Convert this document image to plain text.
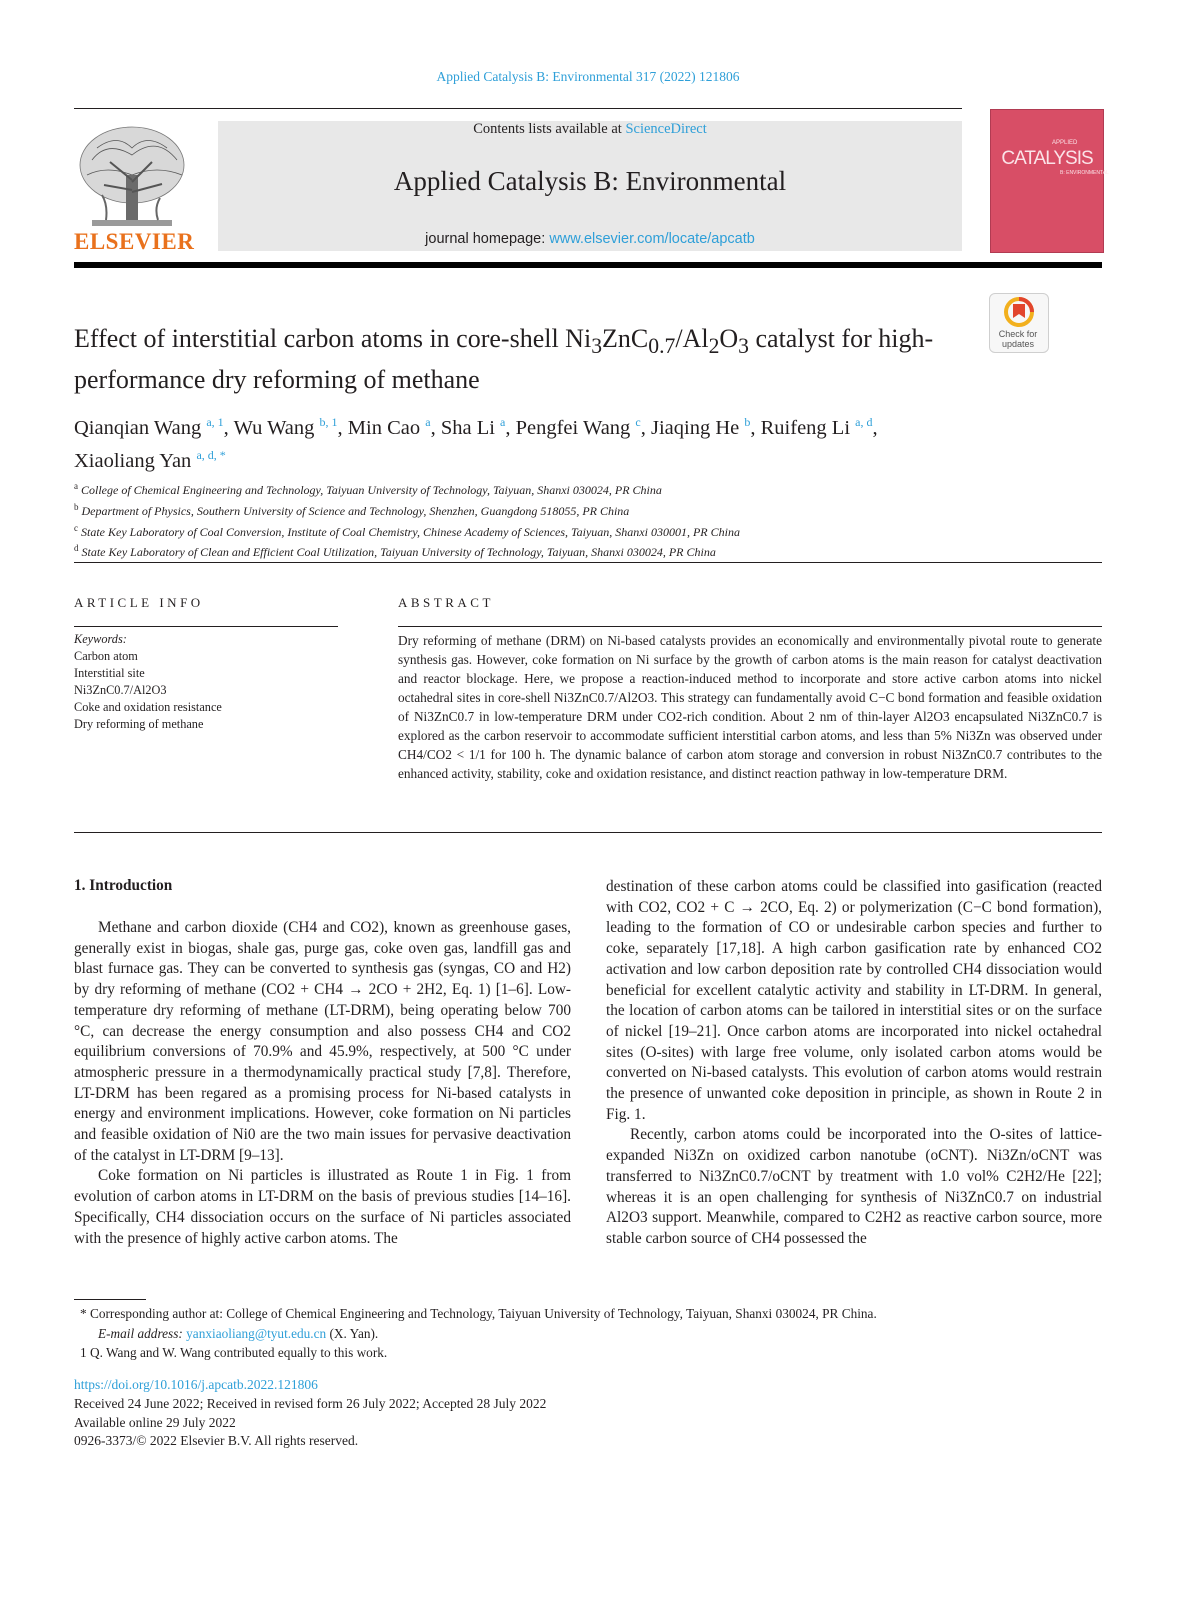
Applied Catalysis B: Environmental 317 (2022) 121806
ELSEVIER
Contents lists available at ScienceDirect
Applied Catalysis B: Environmental
journal homepage: www.elsevier.com/locate/apcatb
APPLIED
CATALYSIS
B: ENVIRONMENTAL
Effect of interstitial carbon atoms in core-shell $Ni_3ZnC_{0.7}/Al_2O_3$ catalyst for high-performance dry reforming of methane
Check for
updates
Qianqian Wang $^{a, 1}$, Wu Wang $^{b, 1}$, Min Cao $^a$, Sha Li $^a$, Pengfei Wang $^c$, Jiaqing He $^b$, Ruifeng Li $^{a, d}$,
Xiaoliang Yan $^{a, d, *}$
$^a$ College of Chemical Engineering and Technology, Taiyuan University of Technology, Taiyuan, Shanxi 030024, PR China
$^b$ Department of Physics, Southern University of Science and Technology, Shenzhen, Guangdong 518055, PR China
$^c$ State Key Laboratory of Coal Conversion, Institute of Coal Chemistry, Chinese Academy of Sciences, Taiyuan, Shanxi 030001, PR China
$^d$ State Key Laboratory of Clean and Efficient Coal Utilization, Taiyuan University of Technology, Taiyuan, Shanxi 030024, PR China
ARTICLE INFO	ABSTRACT
Keywords:
Carbon atom
Interstitial site
Ni3ZnC0.7/Al2O3
Coke and oxidation resistance
Dry reforming of methane
Dry reforming of methane (DRM) on Ni-based catalysts provides an economically and environmentally pivotal route to generate synthesis gas. However, coke formation on Ni surface by the growth of carbon atoms is the main reason for catalyst deactivation and reactor blockage. Here, we propose a reaction-induced method to incorporate and store active carbon atoms into nickel octahedral sites in core-shell Ni3ZnC0.7/Al2O3. This strategy can fundamentally avoid C−C bond formation and feasible oxidation of Ni3ZnC0.7 in low-temperature DRM under CO2-rich condition. About 2 nm of thin-layer Al2O3 encapsulated Ni3ZnC0.7 is explored as the carbon reservoir to accommodate sufficient interstitial carbon atoms, and less than 5% Ni3Zn was observed under CH4/CO2 < 1/1 for 100 h. The dynamic balance of carbon atom storage and conversion in robust Ni3ZnC0.7 contributes to the enhanced activity, stability, coke and oxidation resistance, and distinct reaction pathway in low-temperature DRM.
1. Introduction

Methane and carbon dioxide (CH4 and CO2), known as greenhouse gases, generally exist in biogas, shale gas, purge gas, coke oven gas, landfill gas and blast furnace gas. They can be converted to synthesis gas (syngas, CO and H2) by dry reforming of methane (CO2 + CH4 → 2CO + 2H2, Eq. 1) [1–6]. Low-temperature dry reforming of methane (LT-DRM), being operating below 700 °C, can decrease the energy consumption and also possess CH4 and CO2 equilibrium conversions of 70.9% and 45.9%, respectively, at 500 °C under atmospheric pressure in a thermodynamically practical study [7,8]. Therefore, LT-DRM has been regared as a promising process for Ni-based catalysts in energy and environment implications. However, coke formation on Ni particles and feasible oxidation of Ni0 are the two main issues for pervasive deactivation of the catalyst in LT-DRM [9–13].

Coke formation on Ni particles is illustrated as Route 1 in Fig. 1 from evolution of carbon atoms in LT-DRM on the basis of previous studies [14–16]. Specifically, CH4 dissociation occurs on the surface of Ni particles associated with the presence of highly active carbon atoms. The

destination of these carbon atoms could be classified into gasification (reacted with CO2, CO2 + C → 2CO, Eq. 2) or polymerization (C−C bond formation), leading to the formation of CO or undesirable carbon species and further to coke, separately [17,18]. A high carbon gasification rate by enhanced CO2 activation and low carbon deposition rate by controlled CH4 dissociation would beneficial for excellent catalytic activity and stability in LT-DRM. In general, the location of carbon atoms can be tailored in interstitial sites or on the surface of nickel [19–21]. Once carbon atoms are incorporated into nickel octahedral sites (O-sites) with large free volume, only isolated carbon atoms would be converted on Ni-based catalysts. This evolution of carbon atoms would restrain the presence of unwanted coke deposition in principle, as shown in Route 2 in Fig. 1.

Recently, carbon atoms could be incorporated into the O-sites of lattice-expanded Ni3Zn on oxidized carbon nanotube (oCNT). Ni3Zn/oCNT was transferred to Ni3ZnC0.7/oCNT by treatment with 1.0 vol% C2H2/He [22]; whereas it is an open challenging for synthesis of Ni3ZnC0.7 on industrial Al2O3 support. Meanwhile, compared to C2H2 as reactive carbon source, more stable carbon source of CH4 possessed the

* Corresponding author at: College of Chemical Engineering and Technology, Taiyuan University of Technology, Taiyuan, Shanxi 030024, PR China.
E-mail address: yanxiaoliang@tyut.edu.cn (X. Yan).
1 Q. Wang and W. Wang contributed equally to this work.
https://doi.org/10.1016/j.apcatb.2022.121806
Received 24 June 2022; Received in revised form 26 July 2022; Accepted 28 July 2022
Available online 29 July 2022
0926-3373/© 2022 Elsevier B.V. All rights reserved.
